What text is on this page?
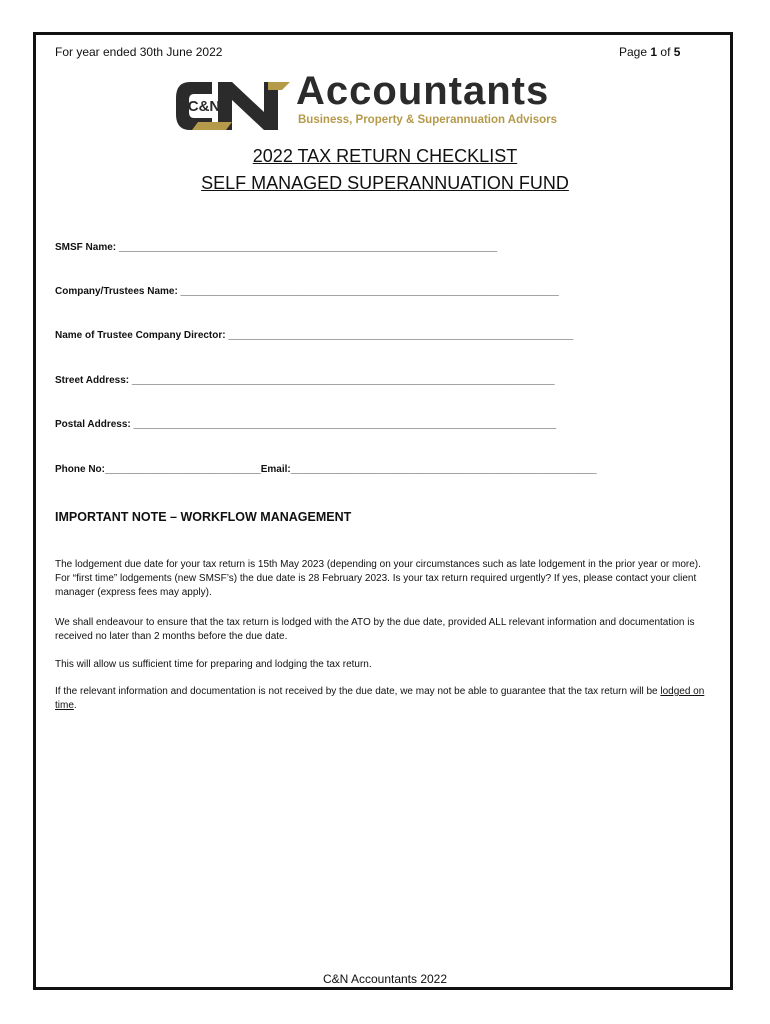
For year ended 30th June 2022	Page 1 of 5
C&N Accountants
Business, Property & Superannuation Advisors
2022 TAX RETURN CHECKLIST
SELF MANAGED SUPERANNUATION FUND
SMSF Name: ____________________________________________________________________
Company/Trustees Name: ____________________________________________________________________
Name of Trustee Company Director: ______________________________________________________________
Street Address: ____________________________________________________________________________
Postal Address: ____________________________________________________________________________
Phone No:____________________________Email:_______________________________________________________
IMPORTANT NOTE – WORKFLOW MANAGEMENT
The lodgement due date for your tax return is 15th May 2023 (depending on your circumstances such as late lodgement in the prior year or more). For “first time” lodgements (new SMSF’s) the due date is 28 February 2023. Is your tax return required urgently? If yes, please contact your client manager (express fees may apply).
We shall endeavour to ensure that the tax return is lodged with the ATO by the due date, provided ALL relevant information and documentation is received no later than 2 months before the due date.
This will allow us sufficient time for preparing and lodging the tax return.
If the relevant information and documentation is not received by the due date, we may not be able to guarantee that the tax return will be lodged on time.
C&N Accountants 2022
